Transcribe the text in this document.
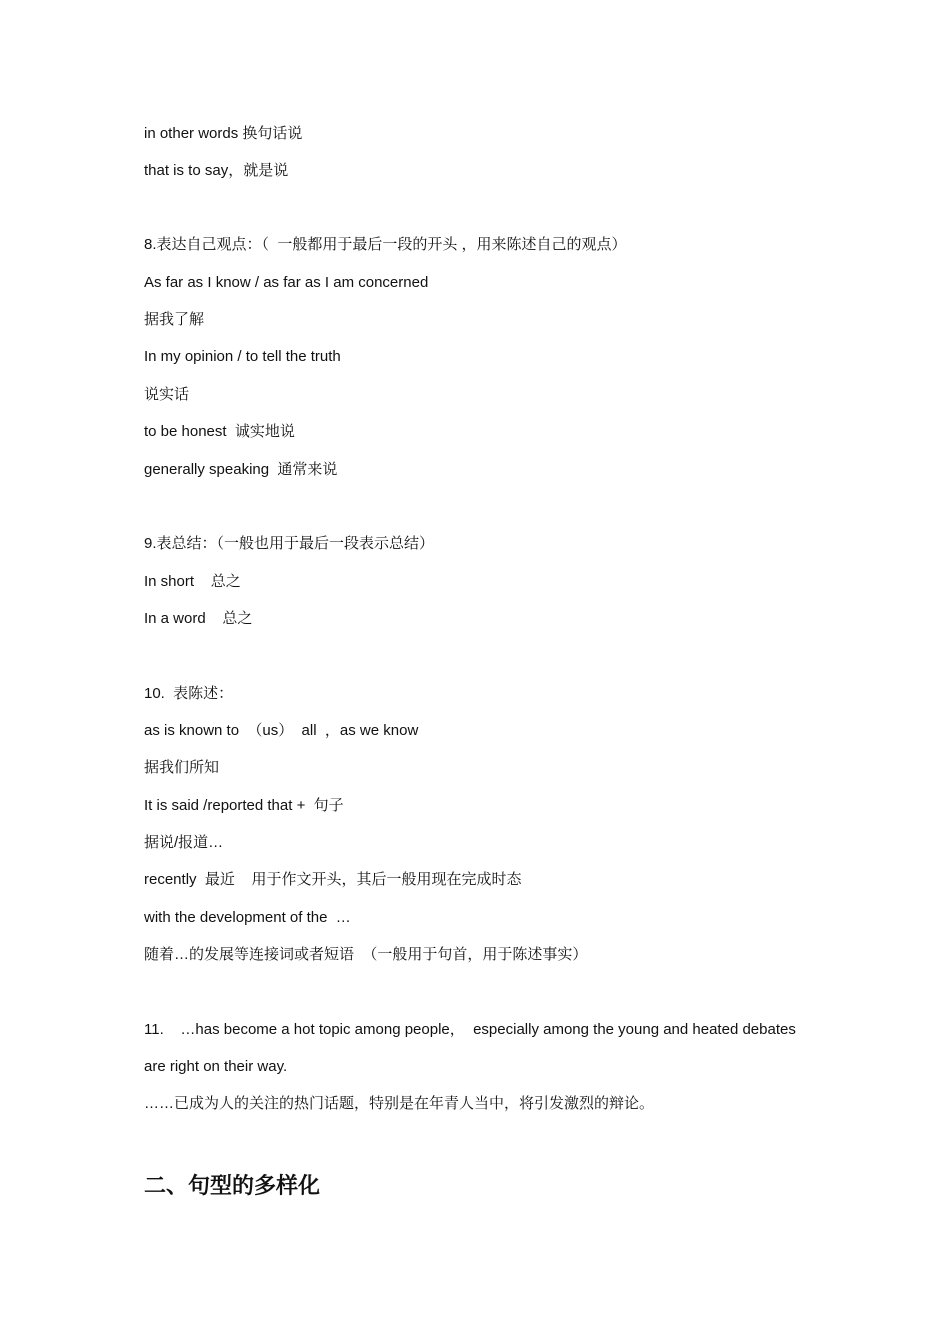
in other words 换句话说
that is to say，就是说
8.表达自己观点：（  一般都用于最后一段的开头 ，用来陈述自己的观点）
As far as I know / as far as I am concerned
据我了解
In my opinion / to tell the truth
说实话
to be honest  诚实地说
generally speaking  通常来说
9.表总结：（一般也用于最后一段表示总结）
In short    总之
In a word    总之
10.  表陈述：
as is known to  （us）  all  ，as we know
据我们所知
It is said /reported that +  句子
据说/报道…
recently  最近    用于作文开头，其后一般用现在完成时态
with the development of the  …
随着…的发展等连接词或者短语  （一般用于句首，用于陈述事实）
11.    …has become a hot topic among people，  especially among the young and heated debates
are right on their way.
……已成为人的关注的热门话题，特别是在年青人当中，将引发激烈的辩论。
二、句型的多样化
